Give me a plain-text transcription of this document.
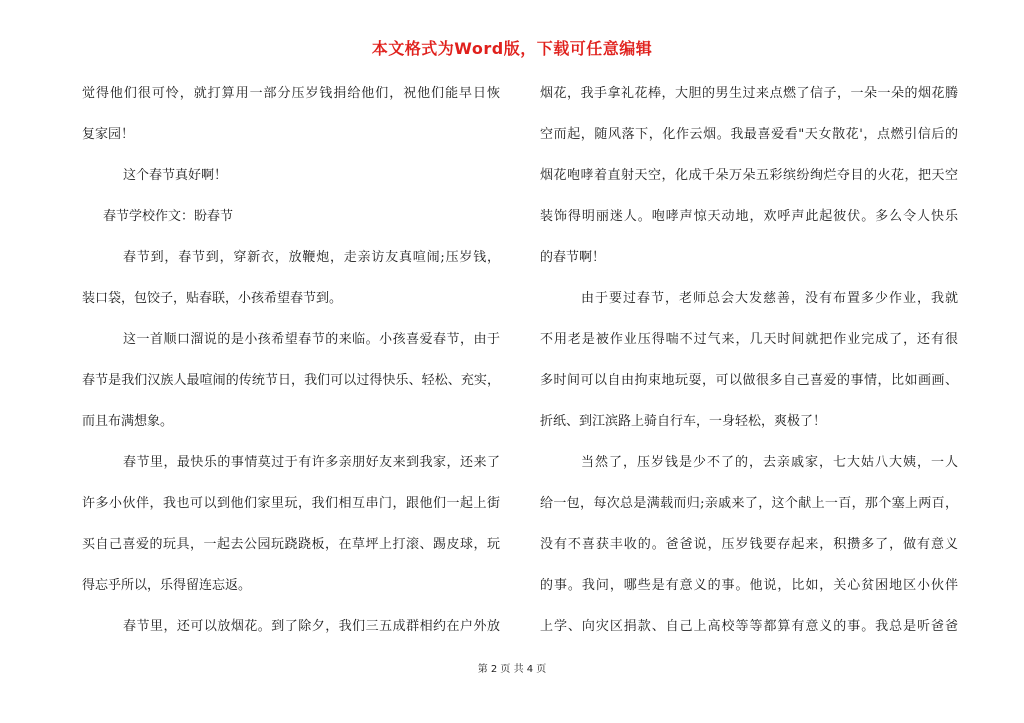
本文格式为Word版，下载可任意编辑
觉得他们很可怜，就打算用一部分压岁钱捐给他们，祝他们能早日恢
复家园！
这个春节真好啊！
春节学校作文：盼春节
春节到，春节到，穿新衣，放鞭炮，走亲访友真喧闹;压岁钱，
装口袋，包饺子，贴春联，小孩希望春节到。
这一首顺口溜说的是小孩希望春节的来临。小孩喜爱春节，由于
春节是我们汉族人最喧闹的传统节日，我们可以过得快乐、轻松、充实，
而且布满想象。
春节里，最快乐的事情莫过于有许多亲朋好友来到我家，还来了
许多小伙伴，我也可以到他们家里玩，我们相互串门，跟他们一起上街
买自己喜爱的玩具，一起去公园玩跷跷板，在草坪上打滚、踢皮球，玩
得忘乎所以，乐得留连忘返。
春节里，还可以放烟花。到了除夕，我们三五成群相约在户外放
烟花，我手拿礼花棒，大胆的男生过来点燃了信子，一朵一朵的烟花腾
空而起，随风落下，化作云烟。我最喜爱看"天女散花'，点燃引信后的
烟花咆哮着直射天空，化成千朵万朵五彩缤纷绚烂夺目的火花，把天空
装饰得明丽迷人。咆哮声惊天动地，欢呼声此起彼伏。多么令人快乐
的春节啊！
由于要过春节，老师总会大发慈善，没有布置多少作业，我就
不用老是被作业压得喘不过气来，几天时间就把作业完成了，还有很
多时间可以自由拘束地玩耍，可以做很多自己喜爱的事情，比如画画、
折纸、到江滨路上骑自行车，一身轻松，爽极了！
当然了，压岁钱是少不了的，去亲戚家，七大姑八大姨，一人
给一包，每次总是满载而归;亲戚来了，这个献上一百，那个塞上两百，
没有不喜获丰收的。爸爸说，压岁钱要存起来，积攒多了，做有意义
的事。我问，哪些是有意义的事。他说，比如，关心贫困地区小伙伴
上学、向灾区捐款、自己上高校等等都算有意义的事。我总是听爸爸
第 2 页 共 4 页
